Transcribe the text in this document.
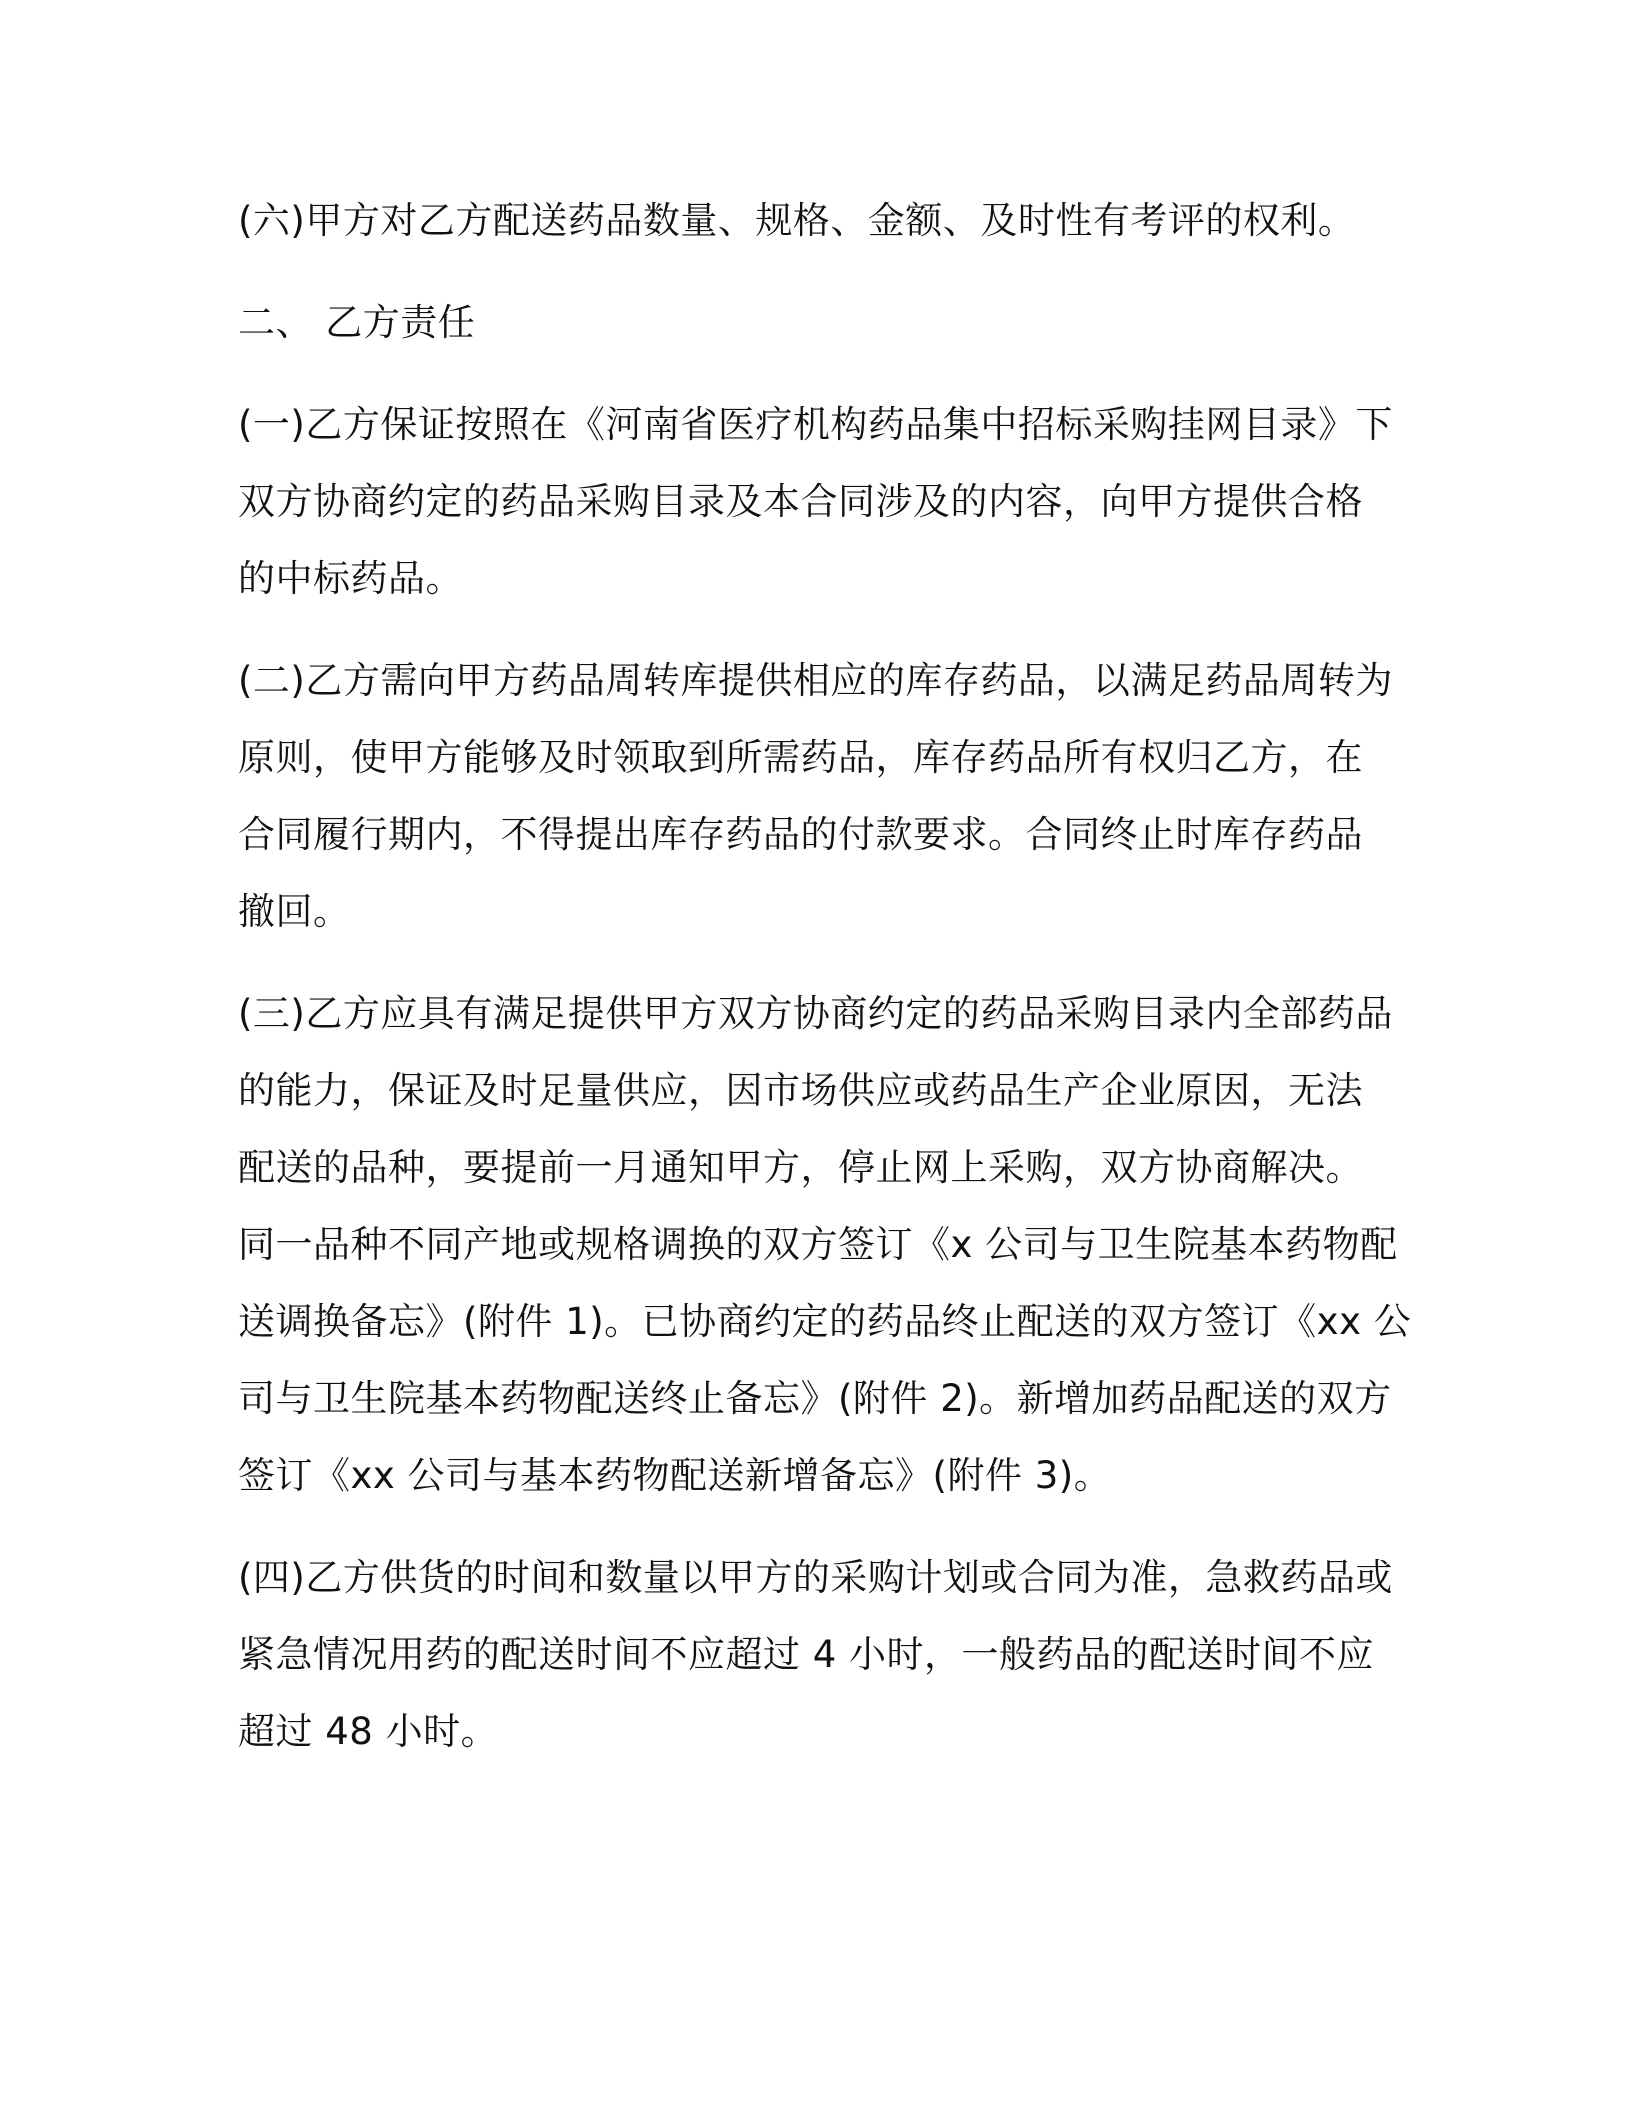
(六)甲方对乙方配送药品数量、规格、金额、及时性有考评的权利。

二、 乙方责任

(一)乙方保证按照在《河南省医疗机构药品集中招标采购挂网目录》下
双方协商约定的药品采购目录及本合同涉及的内容，向甲方提供合格
的中标药品。

(二)乙方需向甲方药品周转库提供相应的库存药品，以满足药品周转为
原则，使甲方能够及时领取到所需药品，库存药品所有权归乙方，在
合同履行期内，不得提出库存药品的付款要求。合同终止时库存药品
撤回。

(三)乙方应具有满足提供甲方双方协商约定的药品采购目录内全部药品
的能力，保证及时足量供应，因市场供应或药品生产企业原因，无法
配送的品种，要提前一月通知甲方，停止网上采购，双方协商解决。
同一品种不同产地或规格调换的双方签订《x 公司与卫生院基本药物配
送调换备忘》(附件 1)。已协商约定的药品终止配送的双方签订《xx 公
司与卫生院基本药物配送终止备忘》(附件 2)。新增加药品配送的双方
签订《xx 公司与基本药物配送新增备忘》(附件 3)。

(四)乙方供货的时间和数量以甲方的采购计划或合同为准，急救药品或
紧急情况用药的配送时间不应超过 4 小时，一般药品的配送时间不应
超过 48 小时。
